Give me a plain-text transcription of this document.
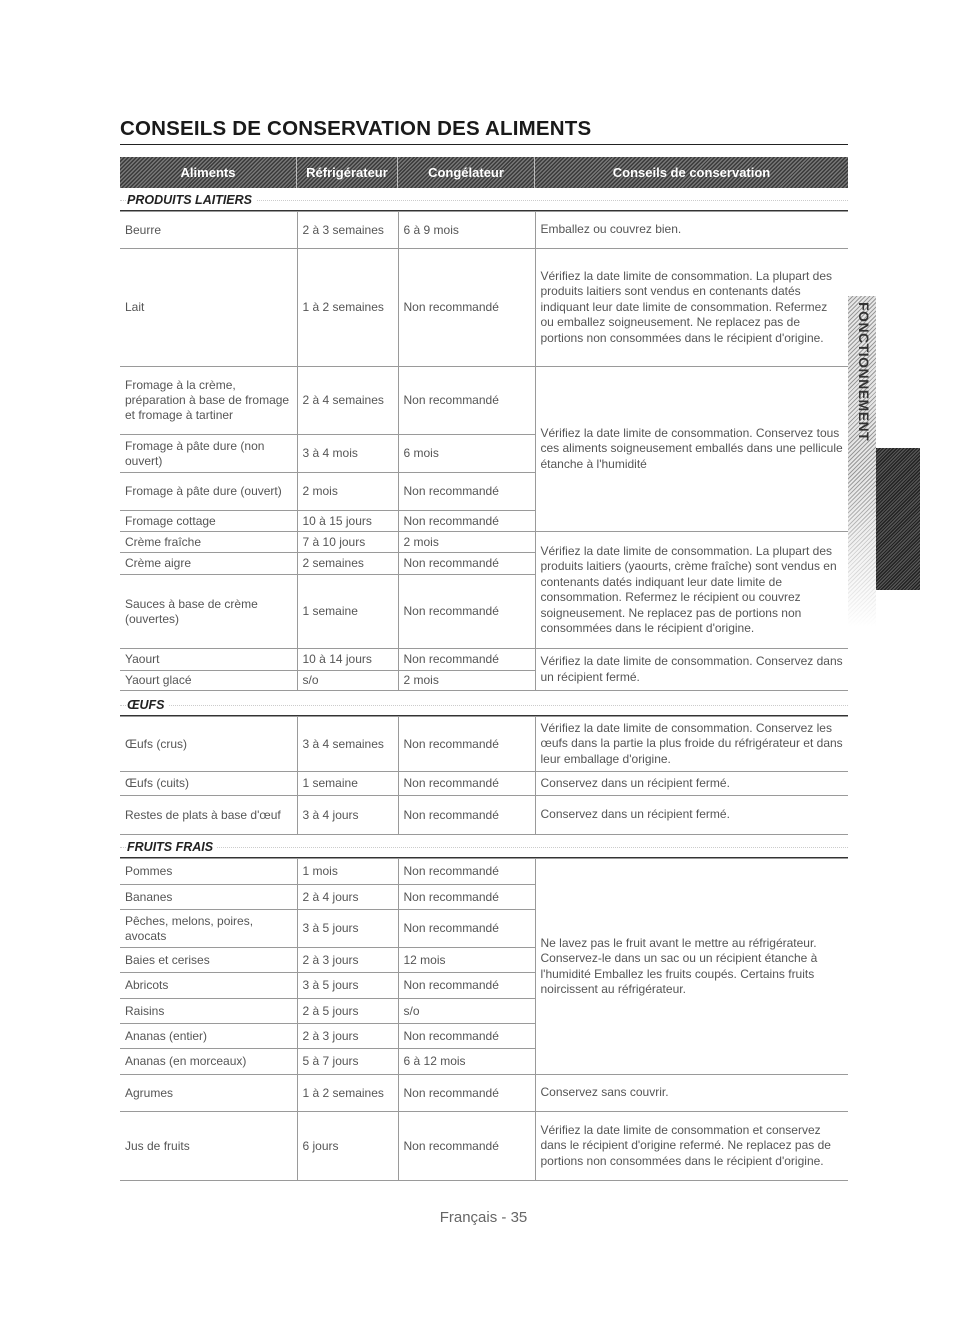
CONSEILS DE CONSERVATION DES ALIMENTS
Aliments	Réfrigérateur	Congélateur	Conseils de conservation
PRODUITS LAITIERS
Beurre	2 à 3 semaines	6 à 9 mois	Emballez ou couvrez bien.
Lait	1 à 2 semaines	Non recommandé	Vérifiez la date limite de consommation. La plupart des produits laitiers sont vendus en contenants datés indiquant leur date limite de consommation. Refermez ou emballez soigneusement. Ne replacez pas de portions non consommées dans le récipient d'origine.
Fromage à la crème, préparation à base de fromage et fromage à tartiner	2 à 4 semaines	Non recommandé	Vérifiez la date limite de consommation. Conservez tous ces aliments soigneusement emballés dans une pellicule étanche à l'humidité
Fromage à pâte dure (non ouvert)	3 à 4 mois	6 mois	
Fromage à pâte dure (ouvert)	2 mois	Non recommandé	
Fromage cottage	10 à 15 jours	Non recommandé	
Crème fraîche	7 à 10 jours	2 mois	Vérifiez la date limite de consommation. La plupart des produits laitiers (yaourts, crème fraîche) sont vendus en contenants datés indiquant leur date limite de consommation. Refermez le récipient ou couvrez soigneusement. Ne replacez pas de portions non consommées dans le récipient d'origine.
Crème aigre	2 semaines	Non recommandé	
Sauces à base de crème (ouvertes)	1 semaine	Non recommandé	
Yaourt	10 à 14 jours	Non recommandé	Vérifiez la date limite de consommation. Conservez dans un récipient fermé.
Yaourt glacé	s/o	2 mois	
ŒUFS
Œufs (crus)	3 à 4 semaines	Non recommandé	Vérifiez la date limite de consommation. Conservez les œufs dans la partie la plus froide du réfrigérateur et dans leur emballage d'origine.
Œufs (cuits)	1 semaine	Non recommandé	Conservez dans un récipient fermé.
Restes de plats à base d'œuf	3 à 4 jours	Non recommandé	Conservez dans un récipient fermé.
FRUITS FRAIS
Pommes	1 mois	Non recommandé	Ne lavez pas le fruit avant le mettre au réfrigérateur. Conservez-le dans un sac ou un récipient étanche à l'humidité Emballez les fruits coupés. Certains fruits noircissent au réfrigérateur.
Bananes	2 à 4 jours	Non recommandé	
Pêches, melons, poires, avocats	3 à 5 jours	Non recommandé	
Baies et cerises	2 à 3 jours	12 mois	
Abricots	3 à 5 jours	Non recommandé	
Raisins	2 à 5 jours	s/o	
Ananas (entier)	2 à 3 jours	Non recommandé	
Ananas (en morceaux)	5 à 7 jours	6 à 12 mois	
Agrumes	1 à 2 semaines	Non recommandé	Conservez sans couvrir.
Jus de fruits	6 jours	Non recommandé	Vérifiez la date limite de consommation et conservez dans le récipient d'origine refermé. Ne replacez pas de portions non consommées dans le récipient d'origine.
FONCTIONNEMENT
Français - 35
